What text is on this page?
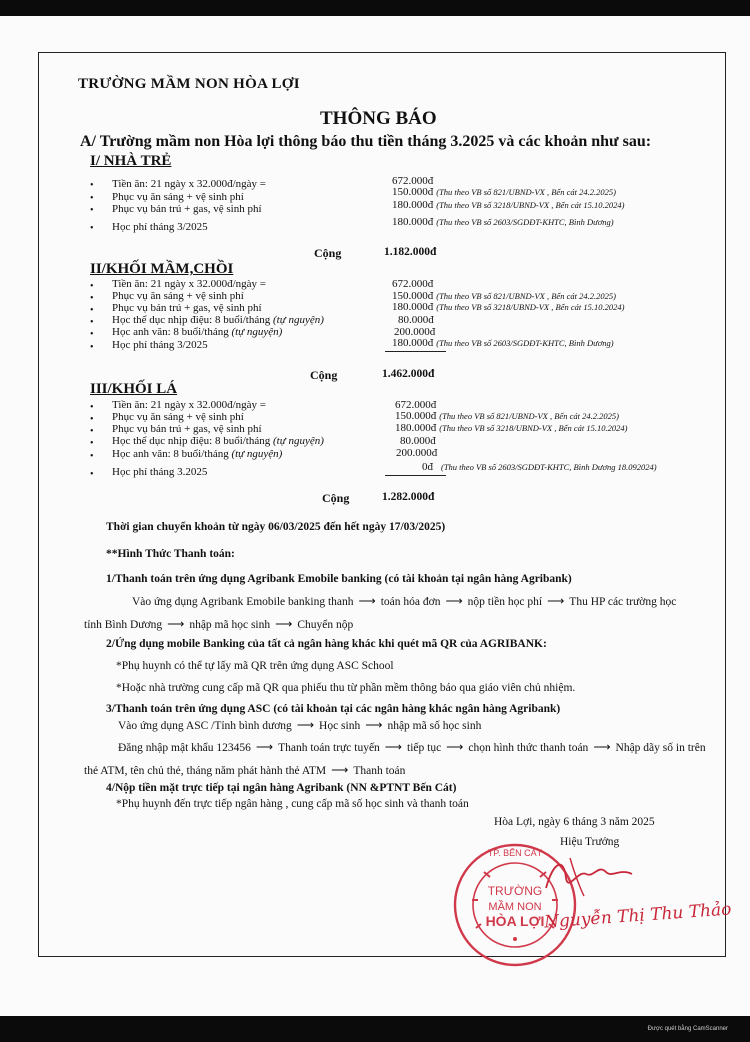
TRƯỜNG MẦM NON HÒA LỢI
THÔNG BÁO
A/ Trường mầm non Hòa lợi thông báo thu tiền tháng 3.2025 và các khoản như sau:
I/ NHÀ TRẺ
• Tiền ăn: 21 ngày x 32.000đ/ngày =	672.000đ
• Phục vụ ăn sáng + vệ sinh phí	150.000đ (Thu theo VB số 821/UBND-VX , Bến cát 24.2.2025)
• Phục vụ bán trú + gas, vệ sinh phí	180.000đ (Thu theo VB số 3218/UBND-VX , Bến cát 15.10.2024)
• Học phí tháng 3/2025	180.000đ (Thu theo VB số 2603/SGDĐT-KHTC, Bình Dương)
Cộng	1.182.000đ
II/KHỐI MẦM,CHỒI
• Tiền ăn: 21 ngày x 32.000đ/ngày =	672.000đ
• Phục vụ ăn sáng + vệ sinh phí	150.000đ (Thu theo VB số 821/UBND-VX , Bến cát 24.2.2025)
• Phục vụ bán trú + gas, vệ sinh phí	180.000đ (Thu theo VB số 3218/UBND-VX , Bến cát 15.10.2024)
• Học thể dục nhịp điệu: 8 buổi/tháng (tự nguyện)	80.000đ
• Học anh văn: 8 buổi/tháng (tự nguyện)	200.000đ
• Học phí tháng 3/2025	180.000đ (Thu theo VB số 2603/SGDĐT-KHTC, Bình Dương)
Cộng	1.462.000đ
III/KHỐI LÁ
• Tiền ăn: 21 ngày x 32.000đ/ngày =	672.000đ
• Phục vụ ăn sáng + vệ sinh phí	150.000đ (Thu theo VB số 821/UBND-VX , Bến cát 24.2.2025)
• Phục vụ bán trú + gas, vệ sinh phí	180.000đ (Thu theo VB số 3218/UBND-VX , Bến cát 15.10.2024)
• Học thể dục nhịp điệu: 8 buổi/tháng (tự nguyện)	80.000đ
• Học anh văn: 8 buổi/tháng (tự nguyện)	200.000đ
• Học phí tháng 3.2025	0đ (Thu theo VB số 2603/SGDĐT-KHTC, Bình Dương 18.092024)
Cộng	1.282.000đ
Thời gian chuyển khoản từ ngày 06/03/2025 đến hết ngày 17/03/2025)
**Hình Thức Thanh toán:
1/Thanh toán trên ứng dụng Agribank Emobile banking (có tài khoản tại ngân hàng Agribank)
Vào ứng dụng Agribank Emobile banking thanh ⟶ toán hóa đơn ⟶ nộp tiền học phí ⟶ Thu HP các trường học
tỉnh Bình Dương ⟶ nhập mã học sinh ⟶ Chuyển nộp
2/Ứng dụng mobile Banking của tất cả ngân hàng khác khi quét mã QR của AGRIBANK:
*Phụ huynh có thể tự lấy mã QR trên ứng dụng ASC School
*Hoặc nhà trường cung cấp mã QR qua phiếu thu từ phần mềm thông báo qua giáo viên chủ nhiệm.
3/Thanh toán trên ứng dụng ASC (có tài khoản tại các ngân hàng khác ngân hàng Agribank)
Vào ứng dụng ASC /Tỉnh bình dương ⟶ Học sinh ⟶ nhập mã số học sinh
Đăng nhập mật khẩu 123456 ⟶ Thanh toán trực tuyến ⟶ tiếp tục ⟶ chọn hình thức thanh toán ⟶ Nhập dãy số in trên
thẻ ATM, tên chủ thẻ, tháng năm phát hành thẻ ATM ⟶ Thanh toán
4/Nộp tiền mặt trực tiếp tại ngân hàng Agribank (NN &PTNT Bến Cát)
*Phụ huynh đến trực tiếp ngân hàng , cung cấp mã số học sinh và thanh toán
Hòa Lợi, ngày 6 tháng 3 năm 2025
Hiệu Trưởng
TP. BẾN CÁT
TRƯỜNG
MẦM NON
HÒA LỢI Nguyễn Thị Thu Thảo
Được quét bằng CamScanner
